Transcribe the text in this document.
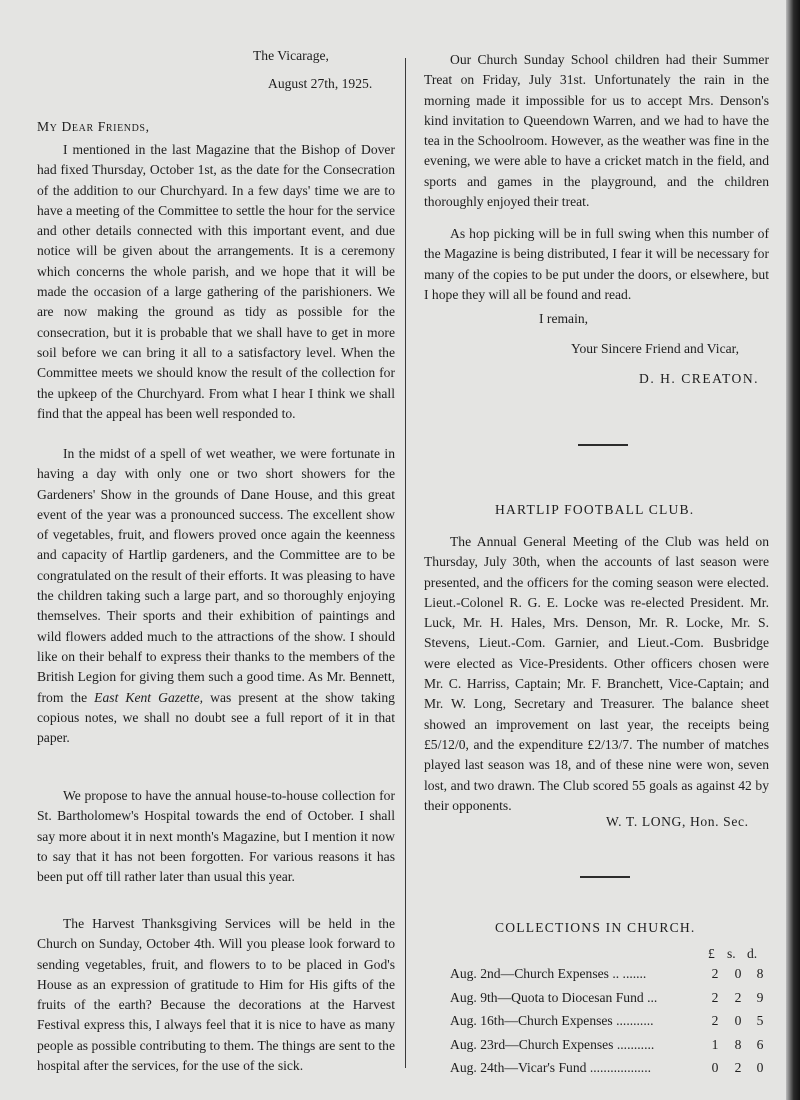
The Vicarage,
August 27th, 1925.
My Dear Friends,

I mentioned in the last Magazine that the Bishop of Dover had fixed Thursday, October 1st, as the date for the Consecration of the addition to our Churchyard. In a few days' time we are to have a meeting of the Committee to settle the hour for the service and other details connected with this important event, and due notice will be given about the arrangements. It is a ceremony which concerns the whole parish, and we hope that it will be made the occasion of a large gathering of the parishioners. We are now making the ground as tidy as possible for the consecration, but it is probable that we shall have to get in more soil before we can bring it all to a satisfactory level. When the Committee meets we should know the result of the collection for the upkeep of the Churchyard. From what I hear I think we shall find that the appeal has been well responded to.

In the midst of a spell of wet weather, we were fortunate in having a day with only one or two short showers for the Gardeners' Show in the grounds of Dane House, and this great event of the year was a pronounced success. The excellent show of vegetables, fruit, and flowers proved once again the keenness and capacity of Hartlip gardeners, and the Committee are to be congratulated on the result of their efforts. It was pleasing to have the children taking such a large part, and so thoroughly enjoying themselves. Their sports and their exhibition of paintings and wild flowers added much to the attractions of the show. I should like on their behalf to express their thanks to the members of the British Legion for giving them such a good time. As Mr. Bennett, from the East Kent Gazette, was present at the show taking copious notes, we shall no doubt see a full report of it in that paper.

We propose to have the annual house-to-house collection for St. Bartholomew's Hospital towards the end of October. I shall say more about it in next month's Magazine, but I mention it now to say that it has not been forgotten. For various reasons it has been put off till rather later than usual this year.

The Harvest Thanksgiving Services will be held in the Church on Sunday, October 4th. Will you please look forward to sending vegetables, fruit, and flowers to to be placed in God's House as an expression of gratitude to Him for His gifts of the fruits of the earth? Because the decorations at the Harvest Festival express this, I always feel that it is nice to have as many people as possible contributing to them. The things are sent to the hospital after the services, for the use of the sick.

Our Church Sunday School children had their Summer Treat on Friday, July 31st. Unfortunately the rain in the morning made it impossible for us to accept Mrs. Denson's kind invitation to Queendown Warren, and we had to have the tea in the Schoolroom. However, as the weather was fine in the evening, we were able to have a cricket match in the field, and sports and games in the playground, and the children thoroughly enjoyed their treat.

As hop picking will be in full swing when this number of the Magazine is being distributed, I fear it will be necessary for many of the copies to be put under the doors, or elsewhere, but I hope they will all be found and read.

I remain,
Your Sincere Friend and Vicar,
D. H. CREATON.
HARTLIP FOOTBALL CLUB.

The Annual General Meeting of the Club was held on Thursday, July 30th, when the accounts of last season were presented, and the officers for the coming season were elected. Lieut.-Colonel R. G. E. Locke was re-elected President. Mr. Luck, Mr. H. Hales, Mrs. Denson, Mr. R. Locke, Mr. S. Stevens, Lieut.-Com. Garnier, and Lieut.-Com. Busbridge were elected as Vice-Presidents. Other officers chosen were Mr. C. Harriss, Captain; Mr. F. Branchett, Vice-Captain; and Mr. W. Long, Secretary and Treasurer. The balance sheet showed an improvement on last year, the receipts being £5/12/0, and the expenditure £2/13/7. The number of matches played last season was 18, and of these nine were won, seven lost, and two drawn. The Club scored 55 goals as against 42 by their opponents.

W. T. LONG, Hon. Sec.
COLLECTIONS IN CHURCH.
£ s. d.
Aug. 2nd—Church Expenses .. .......	2 0 8
Aug. 9th—Quota to Diocesan Fund ...	2 2 9
Aug. 16th—Church Expenses ...........	2 0 5
Aug. 23rd—Church Expenses ...........	1 8 6
Aug. 24th—Vicar's Fund ..................	0 2 0
